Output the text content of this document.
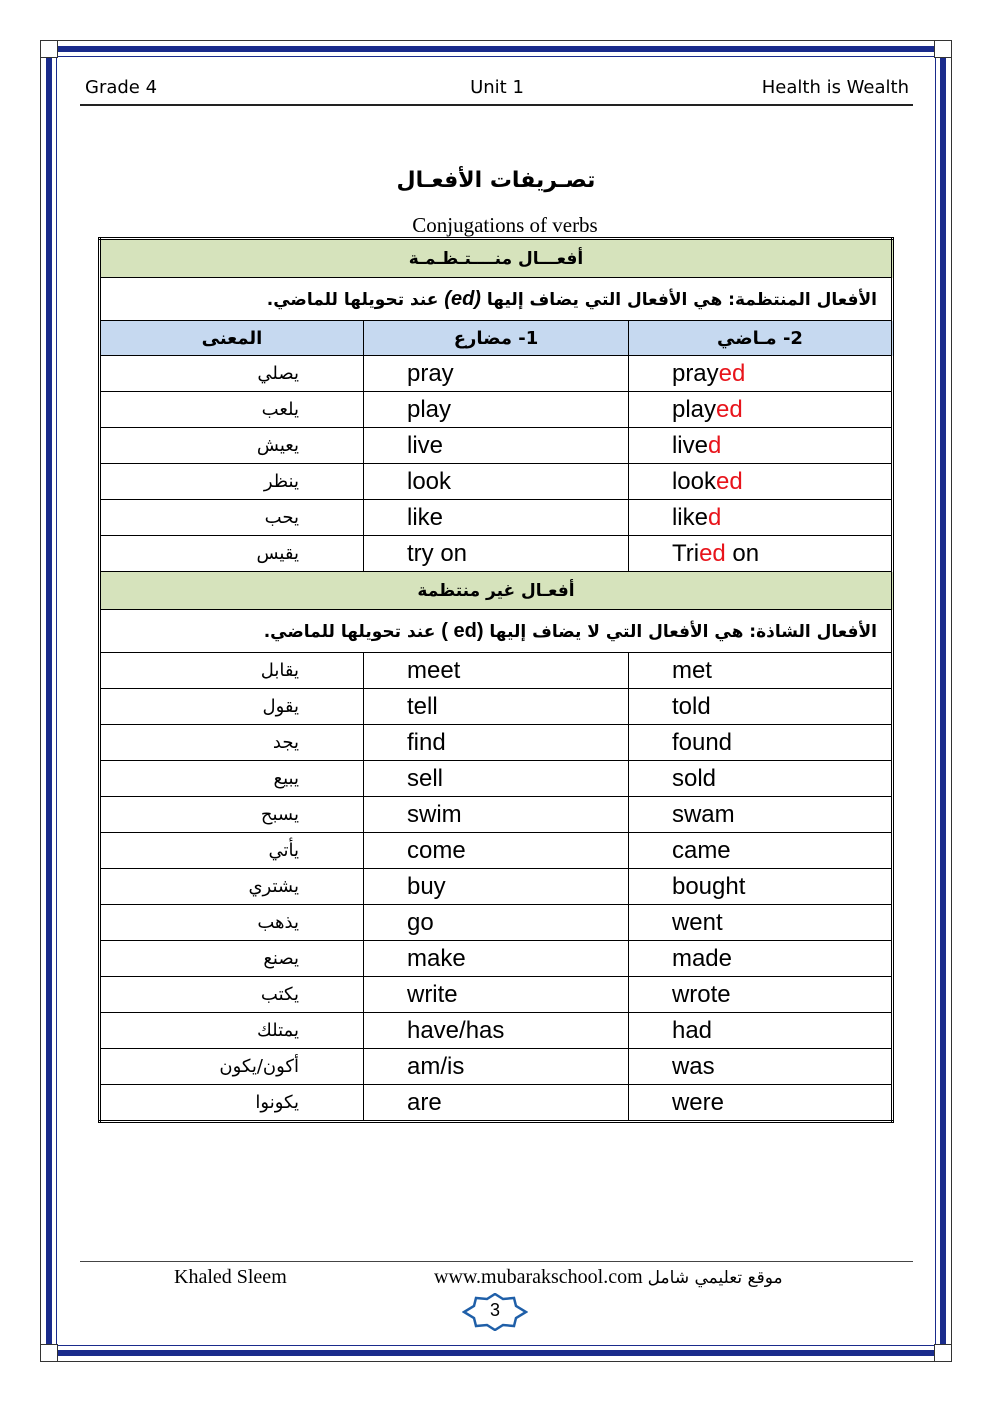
Grade 4	Unit 1	Health is Wealth
تصـريفات الأفعـال
Conjugations of verbs
أفعـــال منــــتـظـمـة		
الأفعال المنتظمة: هي الأفعال التي يضاف إليها (ed) عند تحويلها للماضي.		
المعنى	1- مضارع	2- مـاضي
يصلي	pray	prayed
يلعب	play	played
يعيش	live	lived
ينظر	look	looked
يحب	like	liked
يقيس	try on	Tried on
أفعـال غير منتظمة		
الأفعال الشاذة: هي الأفعال التي لا يضاف إليها ( ed) عند تحويلها للماضي.		
يقابل	meet	met
يقول	tell	told
يجد	find	found
يبيع	sell	sold
يسبح	swim	swam
يأتي	come	came
يشتري	buy	bought
يذهب	go	went
يصنع	make	made
يكتب	write	wrote
يمتلك	have/has	had
أكون/يكون	am/is	was
يكونوا	are	were
Khaled Sleem	www.mubarakschool.com موقع تعليمي شامل
3
